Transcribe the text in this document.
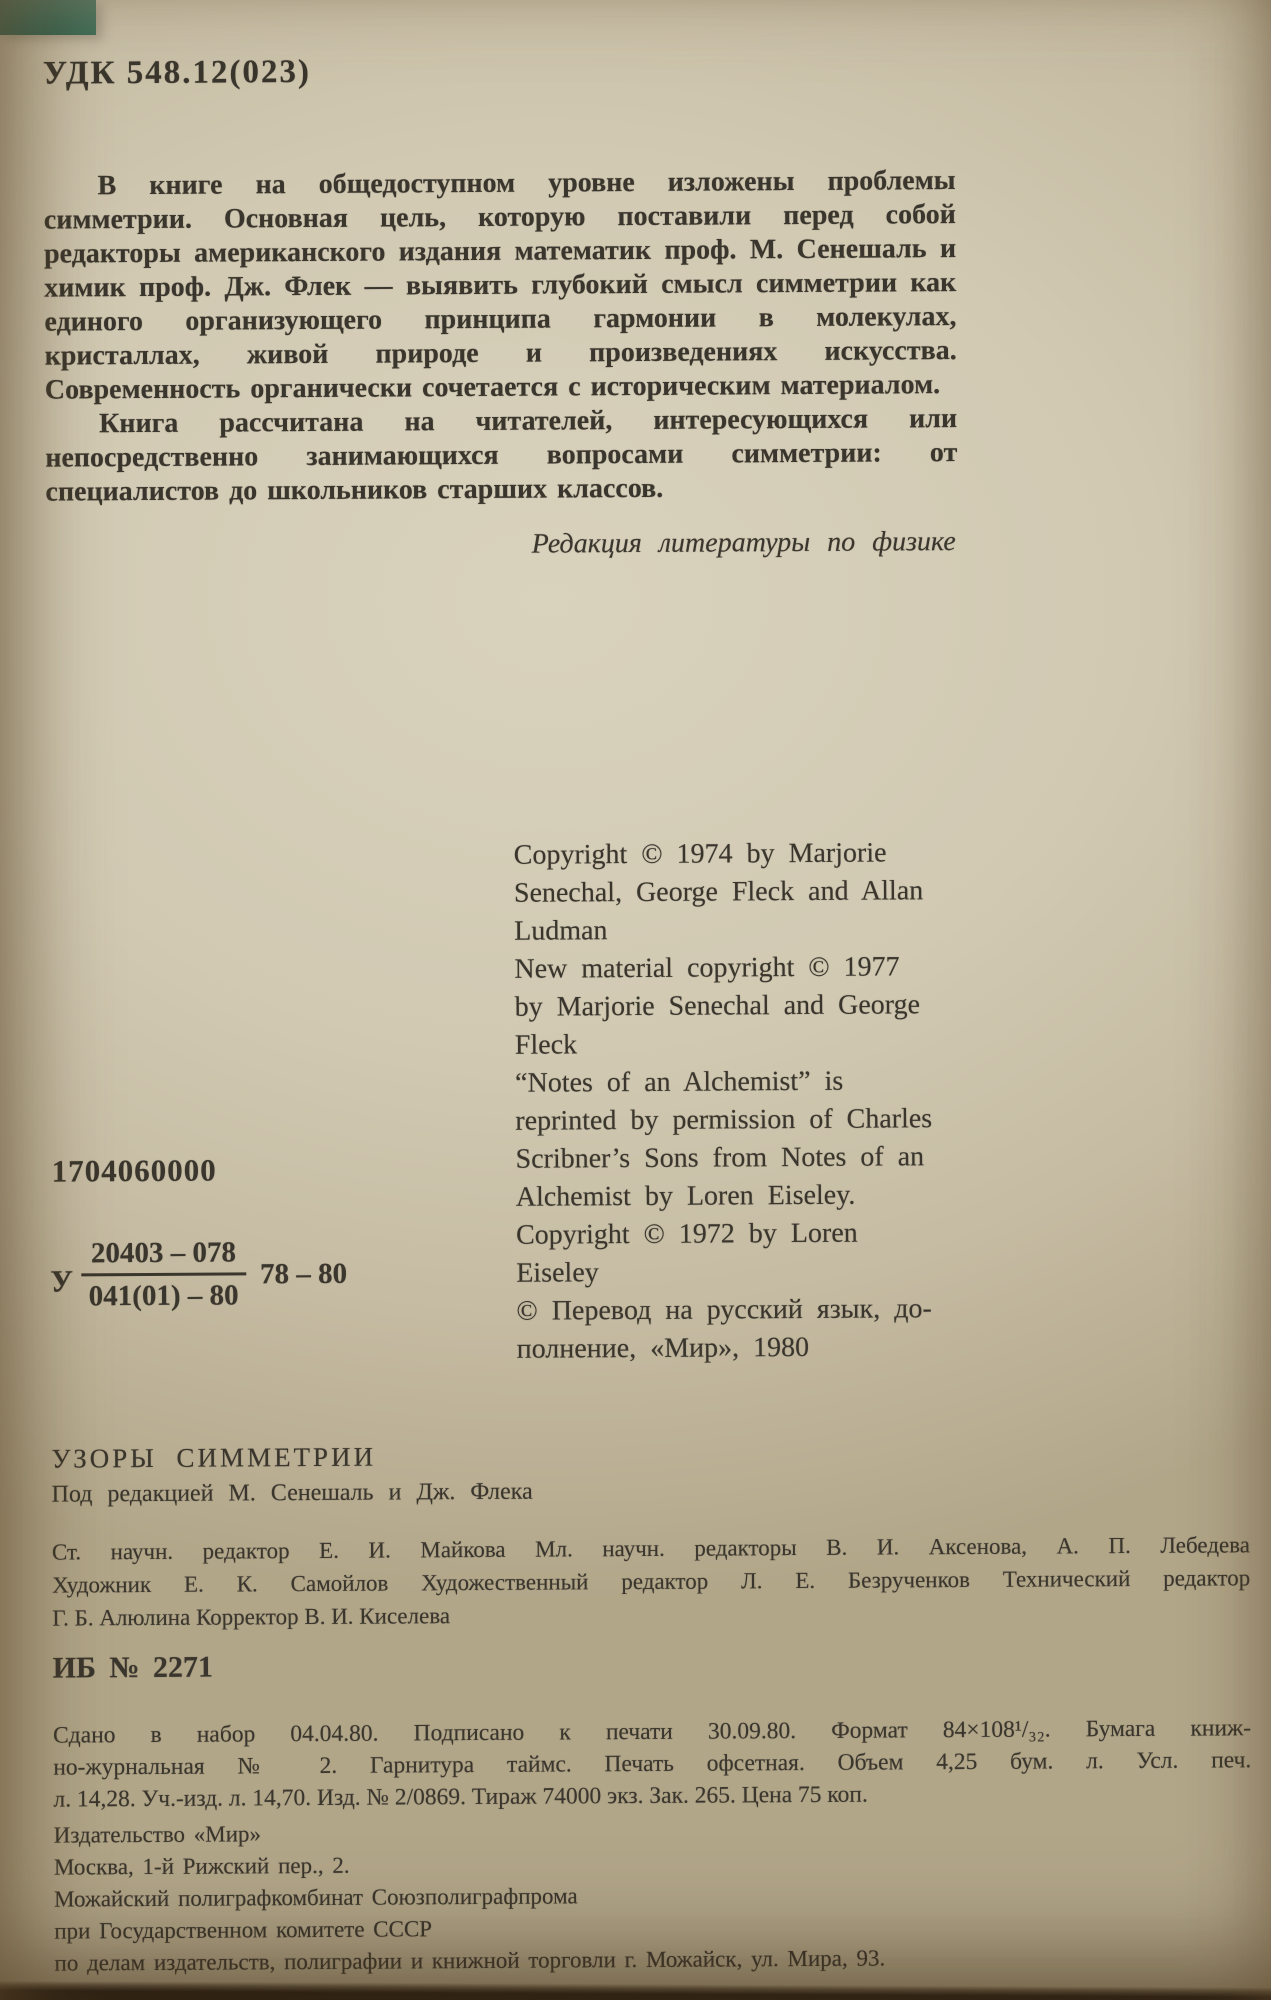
УДК 548.12(023)

В книге на общедоступном уровне изложены проблемы симметрии. Основная цель, которую поставили перед собой редакторы американского издания математик проф. М. Сенешаль и химик проф. Дж. Флек — выявить глубокий смысл симметрии как единого организующего принципа гармонии в молекулах, кристаллах, живой природе и произведениях искусства. Современность органически сочетается с историческим материалом.

Книга рассчитана на читателей, интересующихся или непосредственно занимающихся вопросами симметрии: от специалистов до школьников старших классов.

Редакция литературы по физике
Copyright © 1974 by Marjorie
Senechal, George Fleck and Allan
Ludman
New material copyright © 1977
by Marjorie Senechal and George
Fleck
“Notes of an Alchemist” is
reprinted by permission of Charles
Scribner’s Sons from Notes of an
Alchemist by Loren Eiseley.
Copyright © 1972 by Loren
Eiseley
© Перевод на русский язык, до-
полнение, «Мир», 1980
1704060000
У $\frac{20403 - 078}{041(01) - 80} 78 - 80$
УЗОРЫ СИММЕТРИИ
Под редакцией М. Сенешаль и Дж. Флека
Ст. научн. редактор Е. И. Майкова Мл. научн. редакторы В. И. Аксенова, А. П. Лебедева
Художник Е. К. Самойлов Художественный редактор Л. Е. Безрученков Технический редактор
Г. Б. Алюлина Корректор В. И. Киселева
ИБ № 2271
Сдано в набор 04.04.80. Подписано к печати 30.09.80. Формат 84×108¹/₃₂. Бумага книж-
но-журнальная № 2. Гарнитура таймс. Печать офсетная. Объем 4,25 бум. л. Усл. печ.
л. 14,28. Уч.-изд. л. 14,70. Изд. № 2/0869. Тираж 74000 экз. Зак. 265. Цена 75 коп.
Издательство «Мир»
Москва, 1-й Рижский пер., 2.
Можайский полиграфкомбинат Союзполиграфпрома
при Государственном комитете СССР
по делам издательств, полиграфии и книжной торговли г. Можайск, ул. Мира, 93.
